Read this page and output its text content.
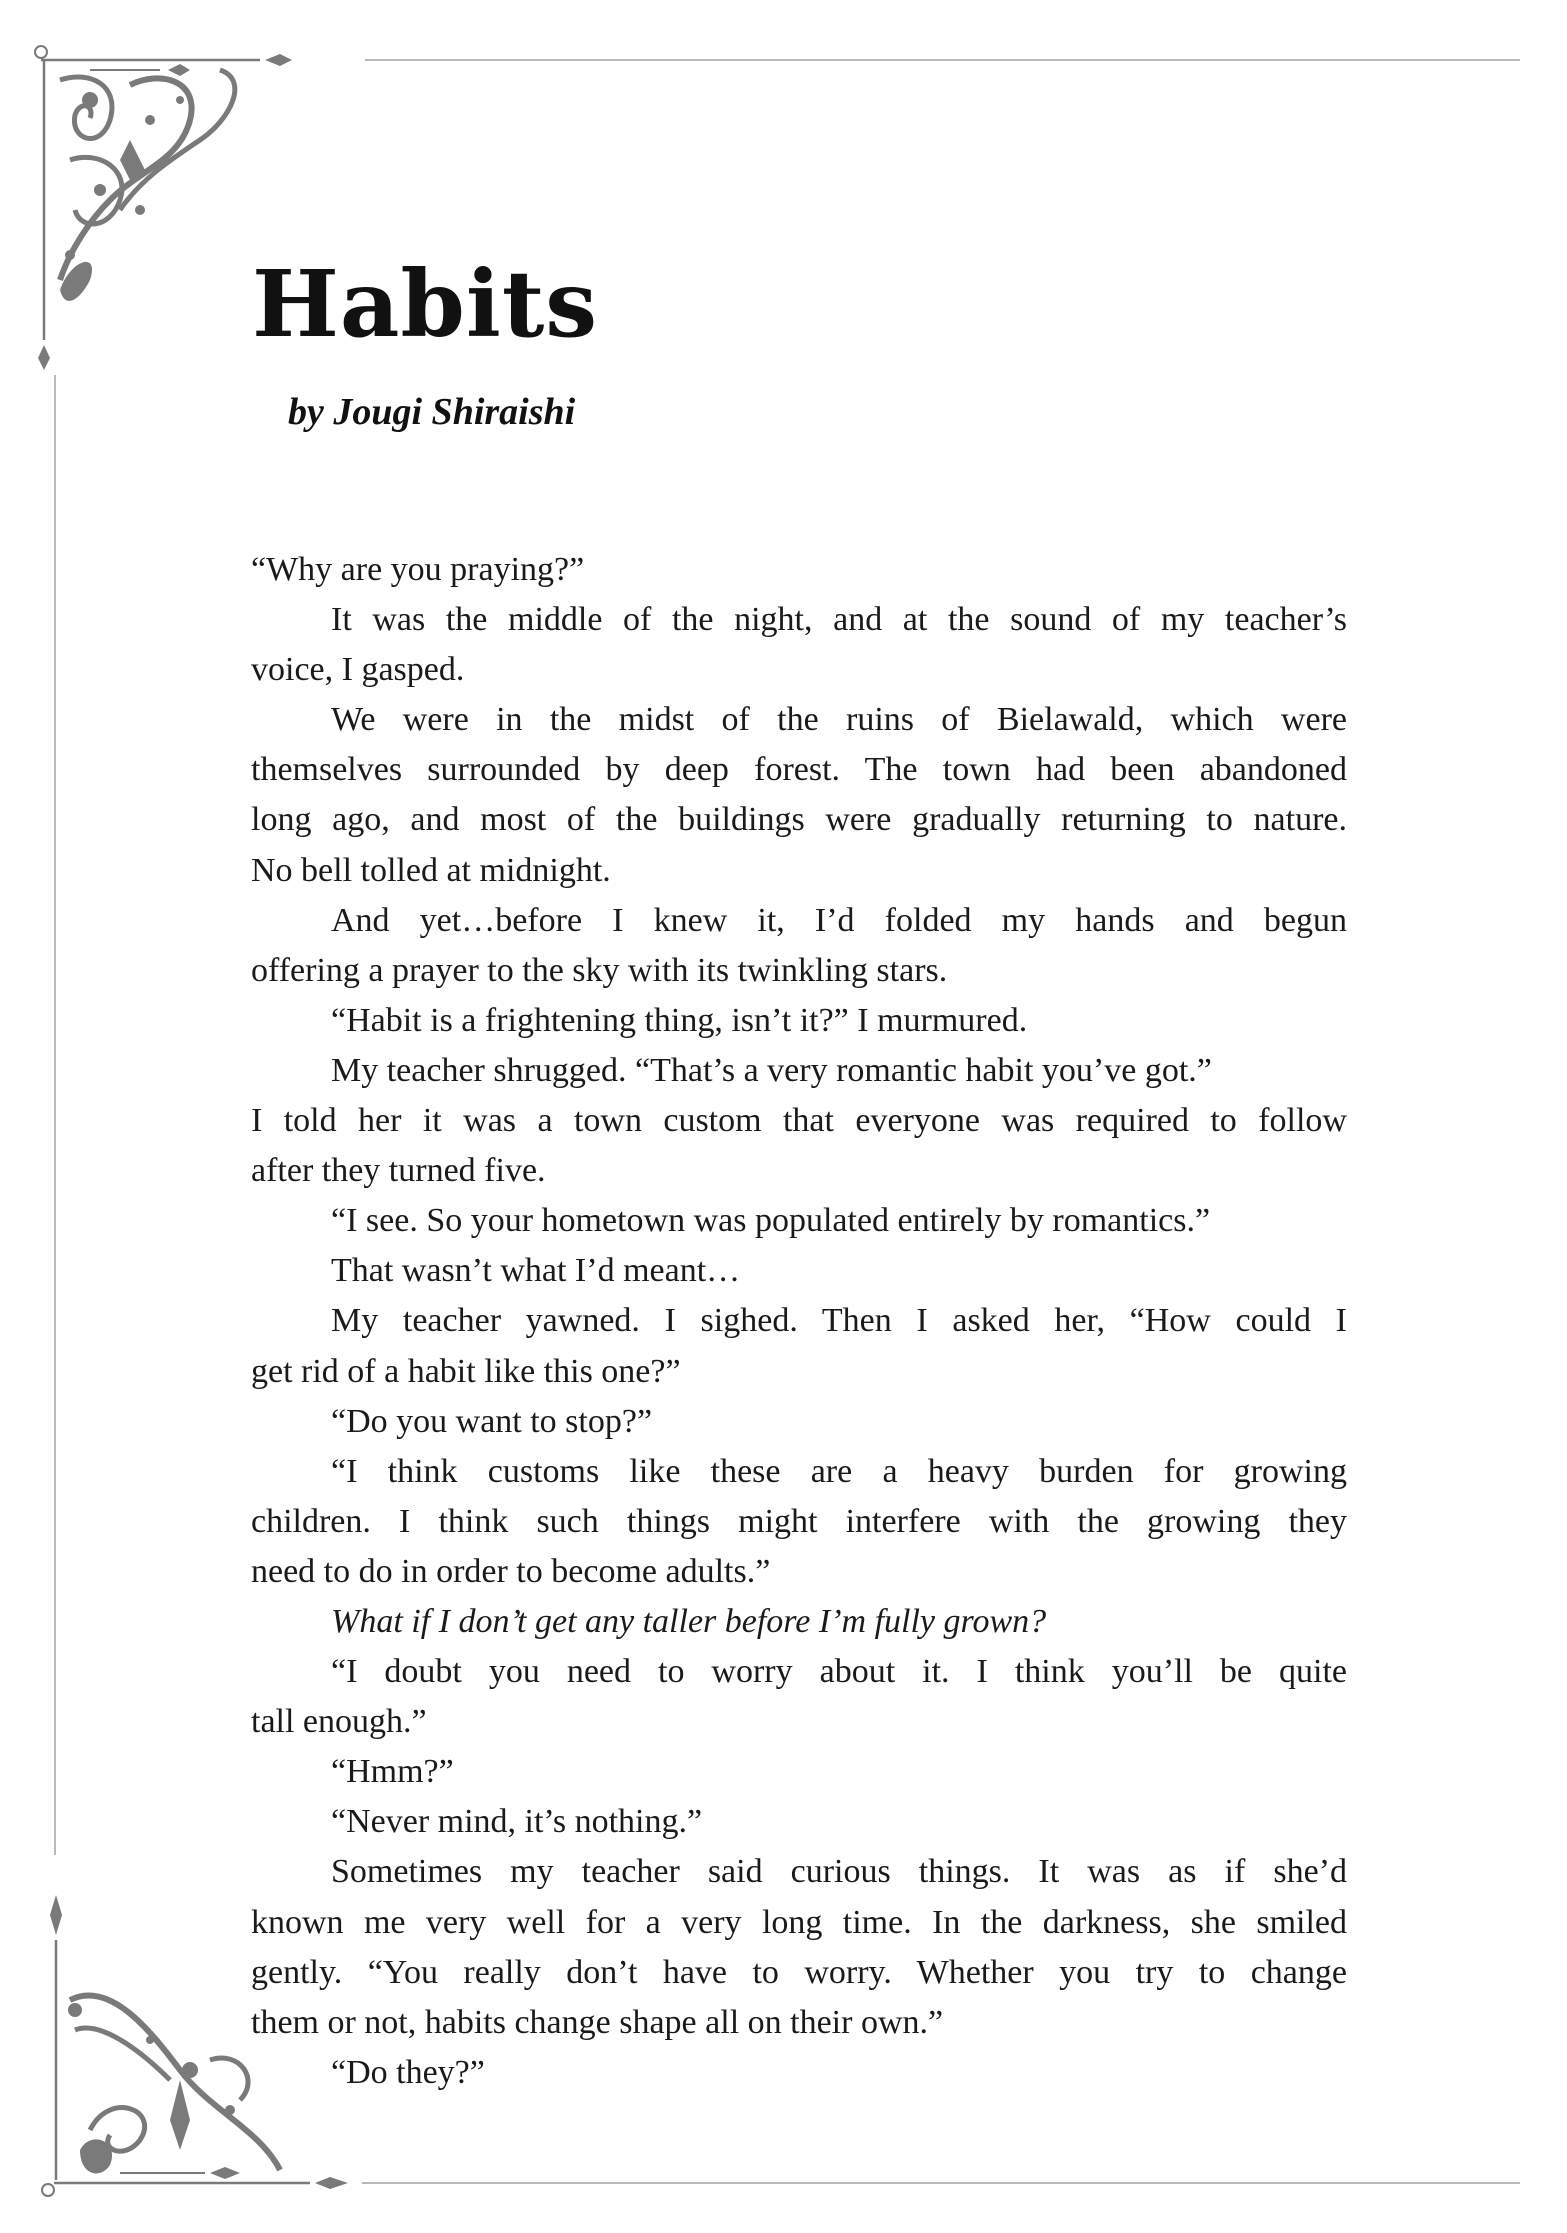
Habits
by Jougi Shiraishi
“Why are you praying?”
It was the middle of the night, and at the sound of my teacher’s
voice, I gasped.
We were in the midst of the ruins of Bielawald, which were
themselves surrounded by deep forest. The town had been abandoned
long ago, and most of the buildings were gradually returning to nature.
No bell tolled at midnight.
And yet…before I knew it, I’d folded my hands and begun
offering a prayer to the sky with its twinkling stars.
“Habit is a frightening thing, isn’t it?” I murmured.
My teacher shrugged. “That’s a very romantic habit you’ve got.”
I told her it was a town custom that everyone was required to follow
after they turned five.
“I see. So your hometown was populated entirely by romantics.”
That wasn’t what I’d meant…
My teacher yawned. I sighed. Then I asked her, “How could I
get rid of a habit like this one?”
“Do you want to stop?”
“I think customs like these are a heavy burden for growing
children. I think such things might interfere with the growing they
need to do in order to become adults.”
What if I don’t get any taller before I’m fully grown?
“I doubt you need to worry about it. I think you’ll be quite
tall enough.”
“Hmm?”
“Never mind, it’s nothing.”
Sometimes my teacher said curious things. It was as if she’d
known me very well for a very long time. In the darkness, she smiled
gently. “You really don’t have to worry. Whether you try to change
them or not, habits change shape all on their own.”
“Do they?”
